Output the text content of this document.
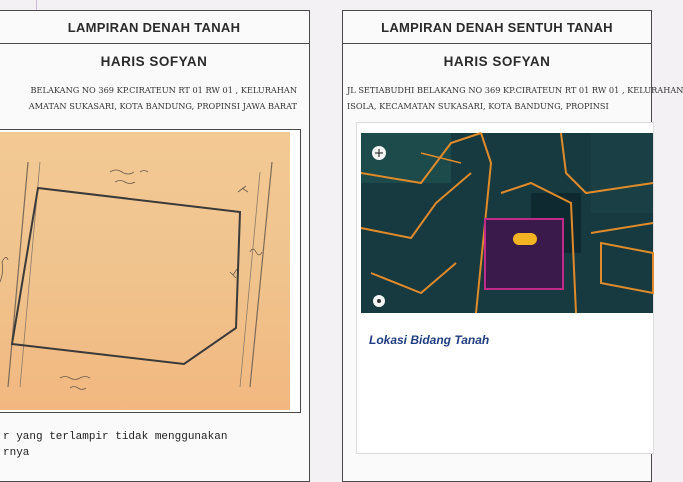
LAMPIRAN DENAH TANAH
HARIS SOFYAN
BELAKANG NO 369 KP.CIRATEUN RT 01 RW 01 , KELURAHAN
AMATAN SUKASARI, KOTA BANDUNG, PROPINSI JAWA BARAT
r yang terlampir tidak menggunakan
rnya
LAMPIRAN DENAH SENTUH TANAH
HARIS SOFYAN
JL SETIABUDHI BELAKANG NO 369 KP.CIRATEUN RT 01 RW 01 , KELURAHAN
ISOLA, KECAMATAN SUKASARI, KOTA BANDUNG, PROPINSI
Lokasi Bidang Tanah
